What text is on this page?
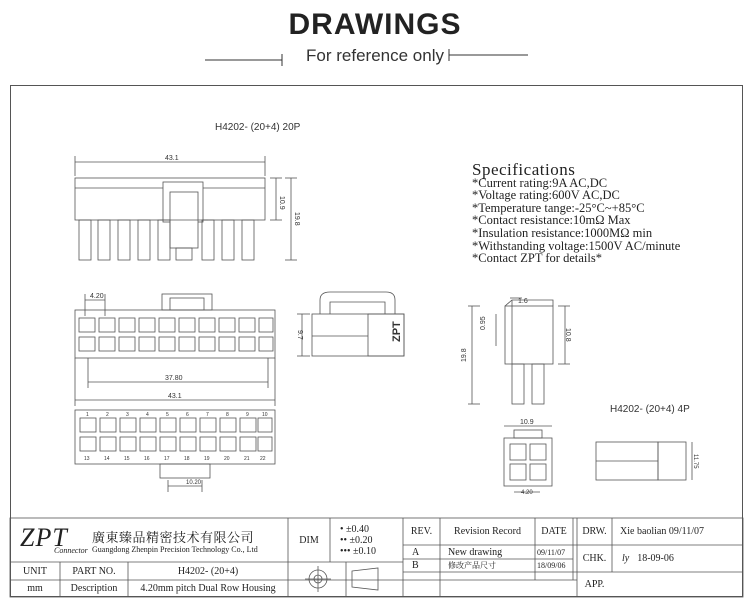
DRAWINGS
For reference only
H4202- (20+4) 20P
43.1
10.9
19.8
4.20
37.80
43.1
10.20
9.7	ZPT
1.6
0.95
10.8
19.8
H4202- (20+4) 4P
10.9
4.20
11.75
1	2	3	4	5	6	7	8	9	10
13	14	15	16	17	18	19	20	21 22
Specifications
*Current rating:9A AC,DC
*Voltage rating:600V AC,DC
*Temperature tange:-25°C~+85°C
*Contact resistance:10mΩ Max
*Insulation resistance:1000MΩ min
*Withstanding voltage:1500V AC/minute
*Contact ZPT for details*
ZPT
Connector
廣東臻品精密技术有限公司
Guangdong Zhenpin Precision Technology Co., Ltd
DIM
• ±0.40
•• ±0.20
••• ±0.10
REV.	Revision Record	DATE	DRW.	Xie baolian 09/11/07
A	New drawing	09/11/07
CHK.	ly 18-09-06
B	修改产品尺寸	18/09/06
UNIT	PART NO.	H4202- (20+4)
APP.
mm	Description	4.20mm pitch Dual Row Housing
